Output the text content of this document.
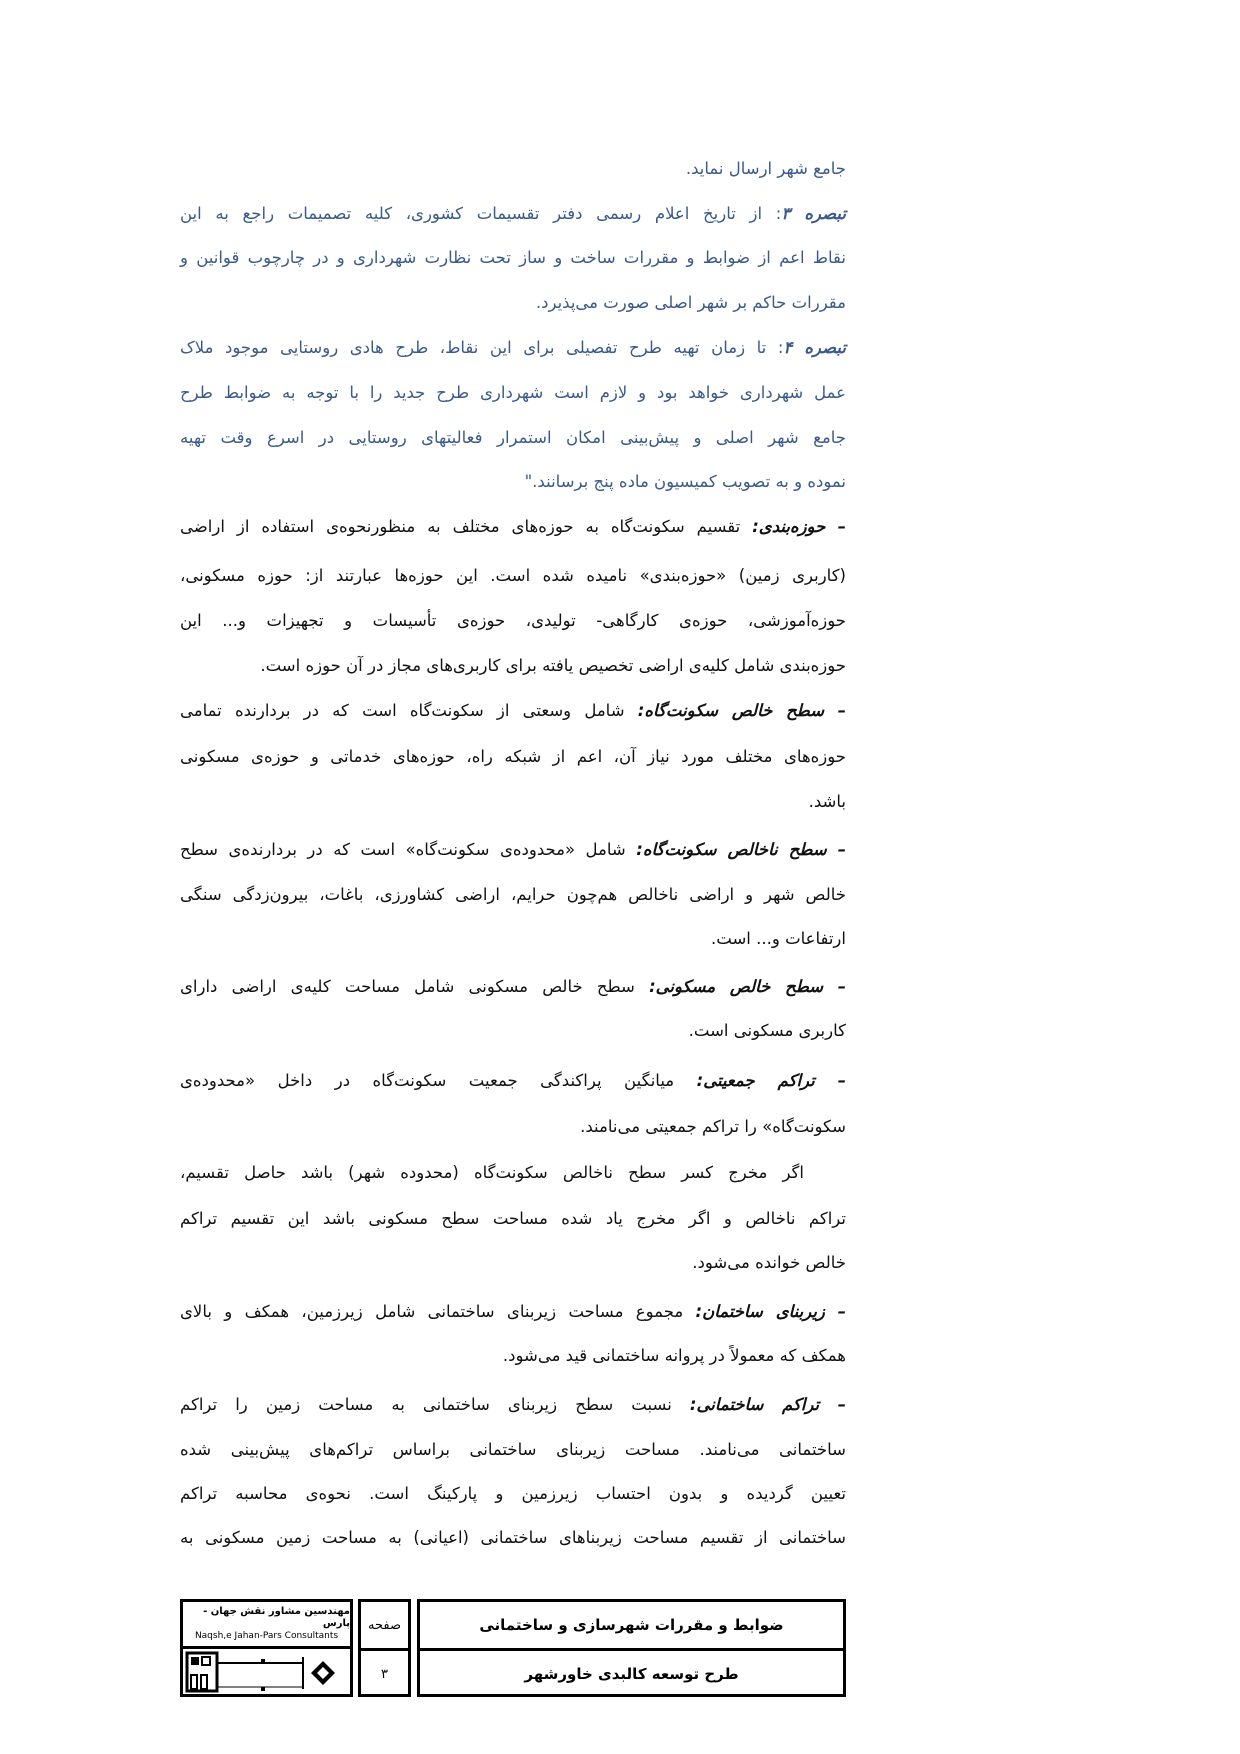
جامع شهر ارسال نماید.
تبصره ۳: از تاریخ اعلام رسمی دفتر تقسیمات کشوری، کلیه تصمیمات راجع به این
نقاط اعم از ضوابط و مقررات ساخت و ساز تحت نظارت شهرداری و در چارچوب قوانین و
مقررات حاکم بر شهر اصلی صورت می‌پذیرد.
تبصره ۴: تا زمان تهیه طرح تفصیلی برای این نقاط، طرح هادی روستایی موجود ملاک
عمل شهرداری خواهد بود و لازم است شهرداری طرح جدید را با توجه به ضوابط طرح
جامع شهر اصلی و پیش‌بینی امکان استمرار فعالیتهای روستایی در اسرع وقت تهیه
نموده و به تصویب کمیسیون ماده پنج برسانند."
– حوزه‌بندی: تقسیم سکونت‌گاه به حوزه‌های مختلف به منظورنحوه‌ی استفاده از اراضی
(کاربری زمین) «حوزه‌بندی» نامیده شده است. این حوزه‌ها عبارتند از: حوزه مسکونی،
حوزه‌آموزشی، حوزه‌ی کارگاهی- تولیدی، حوزه‌ی تأسیسات و تجهیزات و... این
حوزه‌بندی شامل کلیه‌ی اراضی تخصیص یافته برای کاربری‌های مجاز در آن حوزه است.
– سطح خالص سکونت‌گاه: شامل وسعتی از سکونت‌گاه است که در بردارنده تمامی
حوزه‌های مختلف مورد نیاز آن، اعم از شبکه راه، حوزه‌های خدماتی و حوزه‌ی مسکونی
باشد.
– سطح ناخالص سکونت‌گاه: شامل «محدوده‌ی سکونت‌گاه» است که در بردارنده‌ی سطح
خالص شهر و اراضی ناخالص هم‌چون حرایم، اراضی کشاورزی، باغات، بیرون‌زدگی سنگی
ارتفاعات و... است.
– سطح خالص مسکونی: سطح خالص مسکونی شامل مساحت کلیه‌ی اراضی دارای
کاربری مسکونی است.
– تراکم جمعیتی: میانگین پراکندگی جمعیت سکونت‌گاه در داخل «محدوده‌ی
سکونت‌گاه» را تراکم جمعیتی می‌نامند.
اگر مخرج کسر سطح ناخالص سکونت‌گاه (محدوده شهر) باشد حاصل تقسیم،
تراکم ناخالص و اگر مخرج یاد شده مساحت سطح مسکونی باشد این تقسیم تراکم
خالص خوانده می‌شود.
– زیربنای ساختمان: مجموع مساحت زیربنای ساختمانی شامل زیرزمین، همکف و بالای
همکف که معمولاً در پروانه ساختمانی قید می‌شود.
– تراکم ساختمانی: نسبت سطح زیربنای ساختمانی به مساحت زمین را تراکم
ساختمانی می‌نامند. مساحت زیربنای ساختمانی براساس تراکم‌های پیش‌بینی شده
تعیین گردیده و بدون احتساب زیرزمین و پارکینگ است. نحوه‌ی محاسبه تراکم
ساختمانی از تقسیم مساحت زیربناهای ساختمانی (اعیانی) به مساحت زمین مسکونی به
ضوابط و مقررات شهرسازی و ساختمانی
طرح توسعه کالبدی خاورشهر
صفحه
۳
مهندسین مشاور نقش جهان - پارس
Naqsh,e Jahan-Pars Consultants
